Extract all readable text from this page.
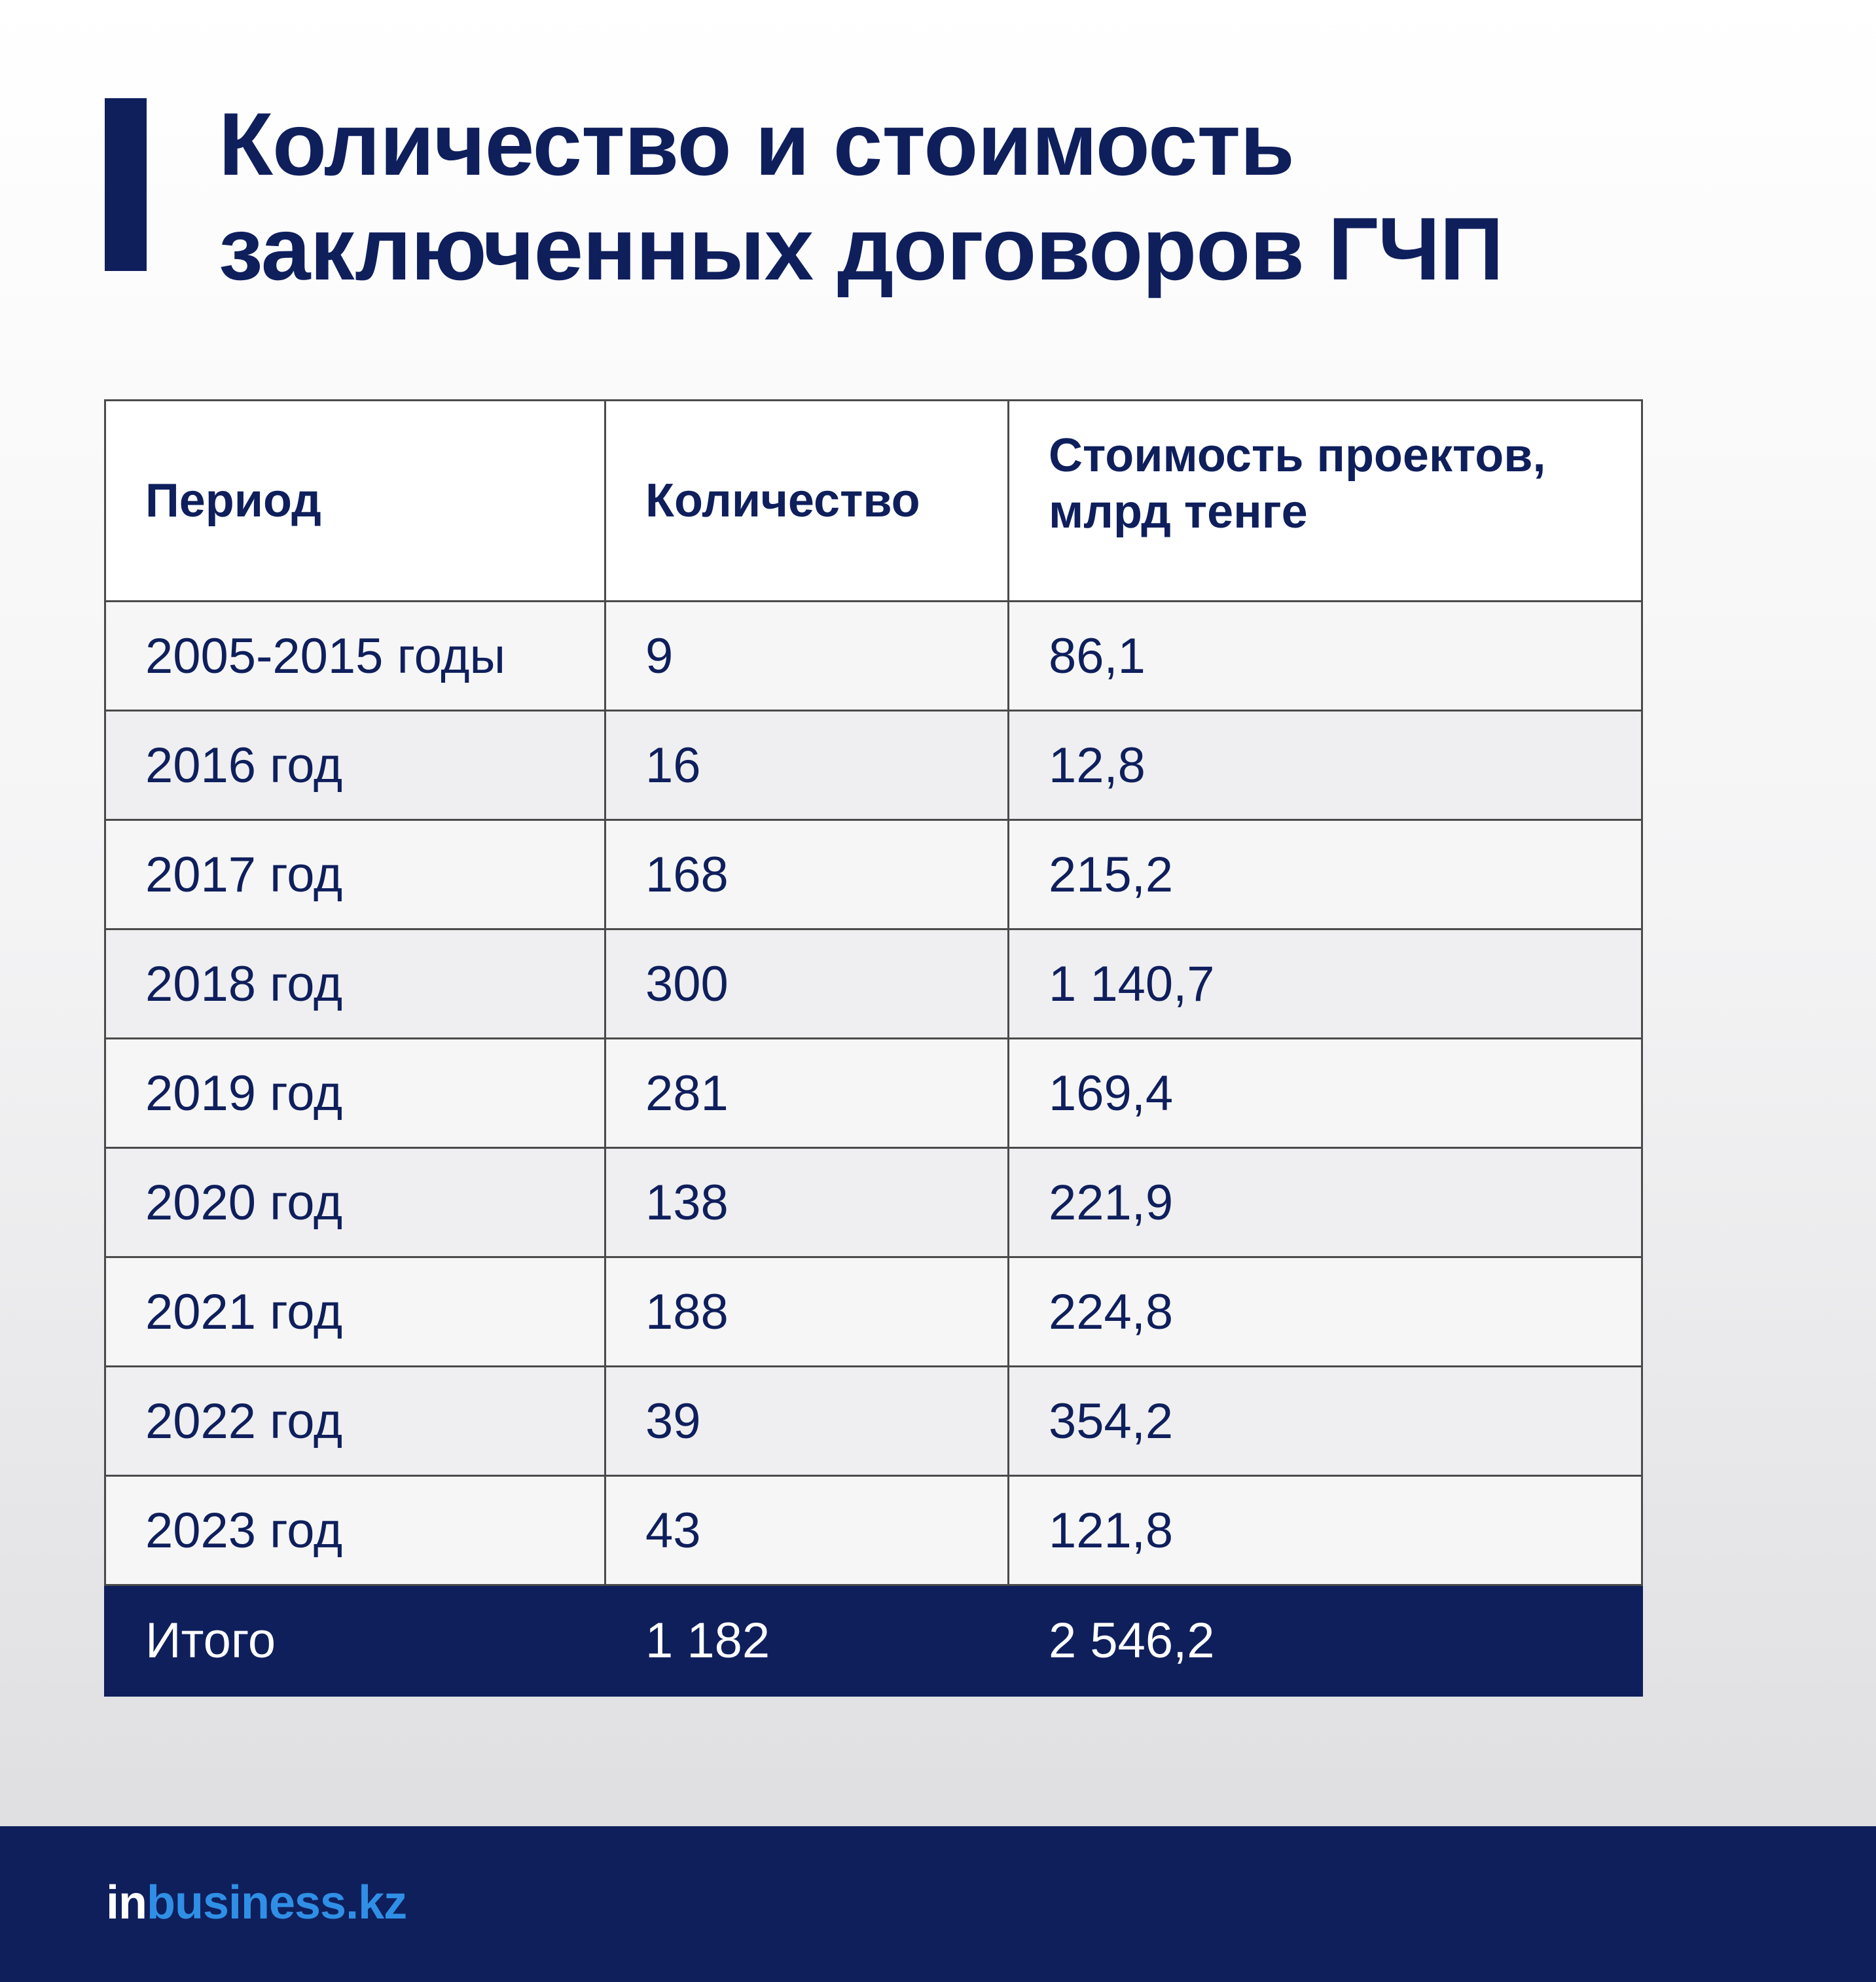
Количество и стоимость
заключенных договоров ГЧП
Период	Количество	Стоимость проектов, млрд тенге
2005-2015 годы	9	86,1
2016 год	16	12,8
2017 год	168	215,2
2018 год	300	1 140,7
2019 год	281	169,4
2020 год	138	221,9
2021 год	188	224,8
2022 год	39	354,2
2023 год	43	121,8
Итого	1 182	2 546,2
inbusiness.kz
